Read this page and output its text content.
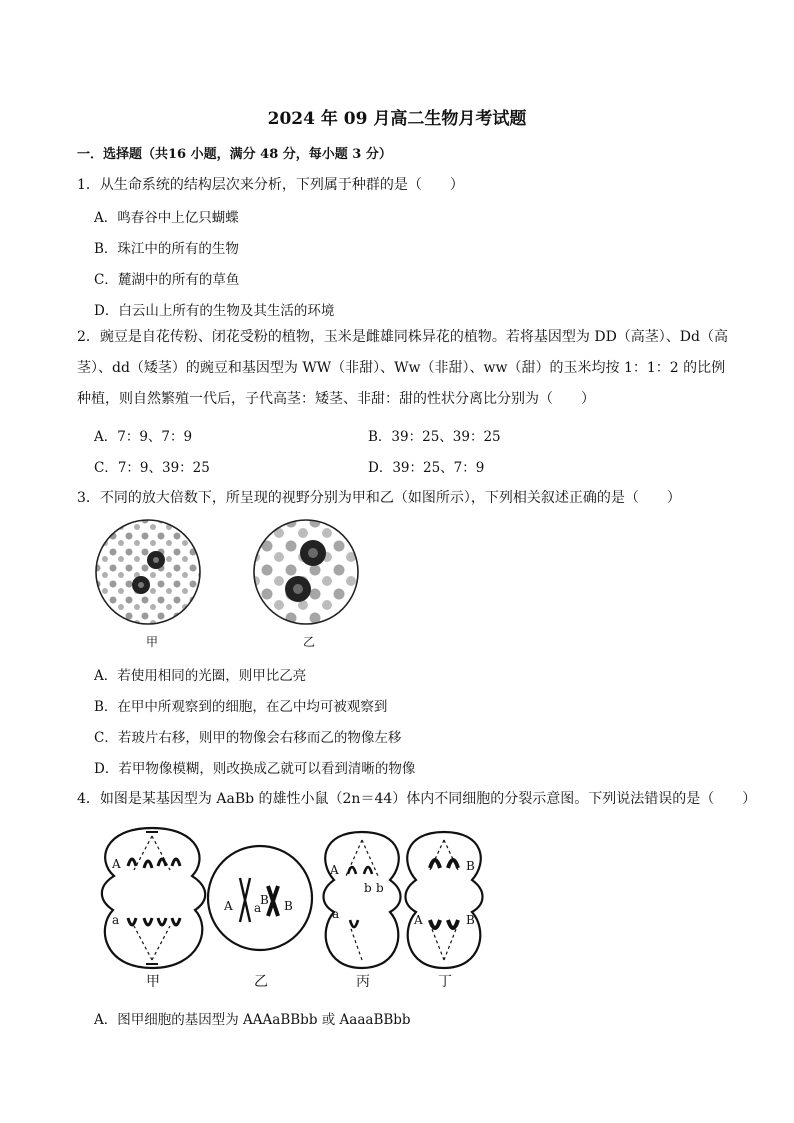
2024 年 09 月高二生物月考试题
一．选择题（共16 小题，满分 48 分，每小题 3 分）
1．从生命系统的结构层次来分析，下列属于种群的是（　　）
A．鸣春谷中上亿只蝴蝶
B．珠江中的所有的生物
C．麓湖中的所有的草鱼
D．白云山上所有的生物及其生活的环境
2．豌豆是自花传粉、闭花受粉的植物，玉米是雌雄同株异花的植物。若将基因型为 DD（高茎）、Dd（高
茎）、dd（矮茎）的豌豆和基因型为 WW（非甜）、Ww（非甜）、ww（甜）的玉米均按 1：1：2 的比例
种植，则自然繁殖一代后，子代高茎：矮茎、非甜：甜的性状分离比分别为（　　）
A．7：9、7：9	B．39：25、39：25
C．7：9、39：25	D．39：25、7：9
3．不同的放大倍数下，所呈现的视野分别为甲和乙（如图所示），下列相关叙述正确的是（　　）
甲	乙
A．若使用相同的光圈，则甲比乙亮
B．在甲中所观察到的细胞，在乙中均可被观察到
C．若玻片右移，则甲的物像会右移而乙的物像左移
D．若甲物像模糊，则改换成乙就可以看到清晰的物像
4．如图是某基因型为 AaBb 的雄性小鼠（2n＝44）体内不同细胞的分裂示意图。下列说法错误的是（　　）
A
a
A a
B B
A
b b
a
B
A	B
甲	乙	丙	丁
A．图甲细胞的基因型为 AAAaBBbb 或 AaaaBBbb
